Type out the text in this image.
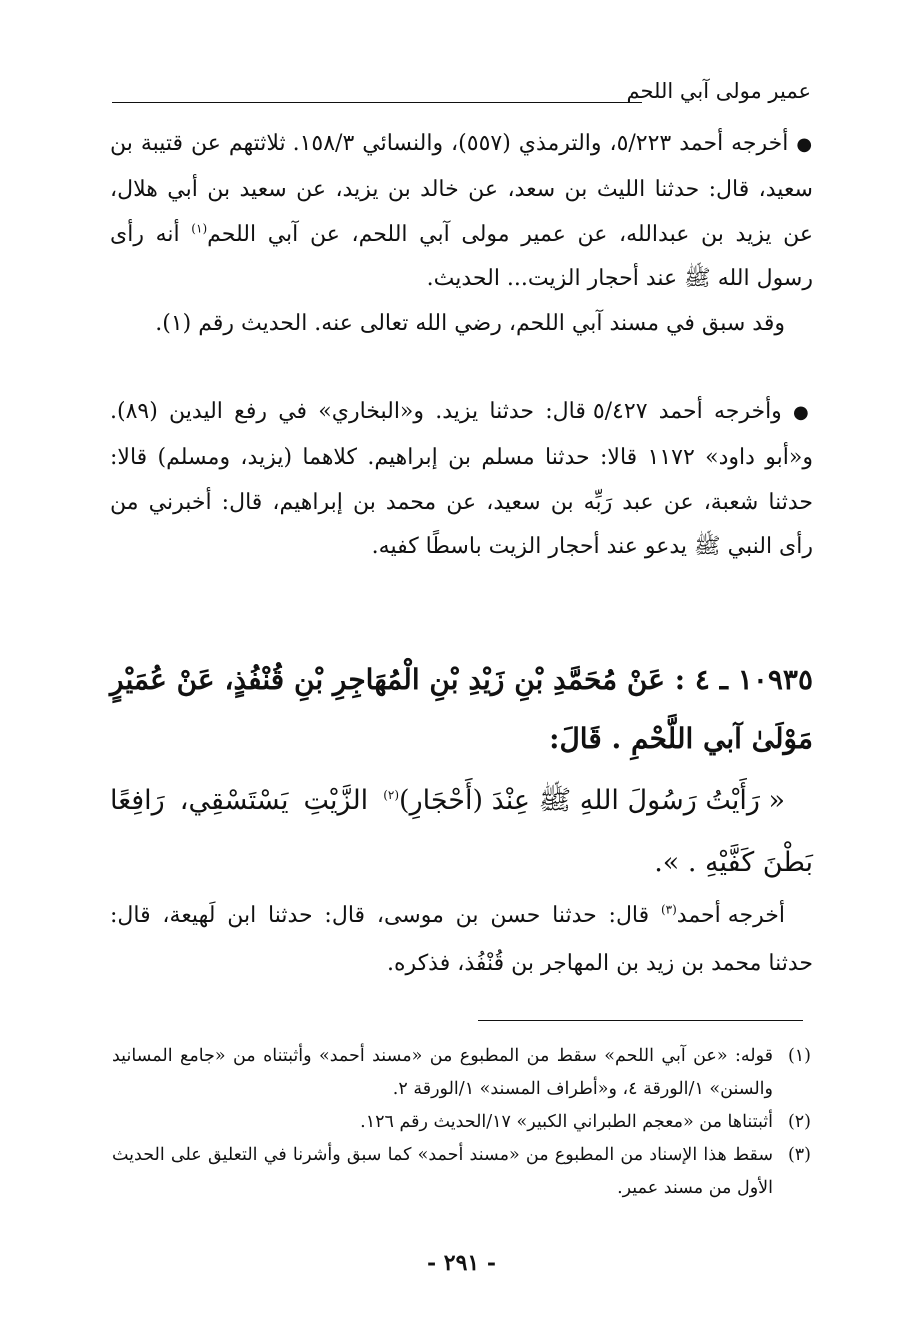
عمير مولى آبي اللحم
● أخرجه أحمد ٥/٢٢٣، والترمذي (٥٥٧)، والنسائي ١٥٨/٣. ثلاثتهم عن قتيبة بن سعيد، قال: حدثنا الليث بن سعد، عن خالد بن يزيد، عن سعيد بن أبي هلال، عن يزيد بن عبدالله، عن عمير مولى آبي اللحم، عن آبي اللحم$^{(١)}$ أنه رأى رسول الله ﷺ عند أحجار الزيت... الحديث.
وقد سبق في مسند آبي اللحم، رضي الله تعالى عنه. الحديث رقم (١).
● وأخرجه أحمد ٥/٤٢٧ قال: حدثنا يزيد. و«البخاري» في رفع اليدين (٨٩). و«أبو داود» ١١٧٢ قالا: حدثنا مسلم بن إبراهيم. كلاهما (يزيد، ومسلم) قالا: حدثنا شعبة، عن عبد رَبِّه بن سعيد، عن محمد بن إبراهيم، قال: أخبرني من رأى النبي ﷺ يدعو عند أحجار الزيت باسطًا كفيه.
١٠٩٣٥ ـ ٤ : عَنْ مُحَمَّدِ بْنِ زَيْدِ بْنِ الْمُهَاجِرِ بْنِ قُنْفُذٍ، عَنْ عُمَيْرٍ مَوْلَىٰ آبي اللَّحْمِ . قَالَ:
« رَأَيْتُ رَسُولَ اللهِ ﷺ عِنْدَ (أَحْجَارِ)$^{(٢)}$ الزَّيْتِ يَسْتَسْقِي، رَافِعًا بَطْنَ كَفَّيْهِ . ».
أخرجه أحمد$^{(٣)}$ قال: حدثنا حسن بن موسى، قال: حدثنا ابن لَهيعة، قال: حدثنا محمد بن زيد بن المهاجر بن قُنْفُذ، فذكره.
(١)
قوله: «عن آبي اللحم» سقط من المطبوع من «مسند أحمد» وأثبتناه من «جامع المسانيد والسنن» ١/الورقة ٤، و«أطراف المسند» ١/الورقة ٢.
(٢)
أثبتناها من «معجم الطبراني الكبير» ١٧/الحديث رقم ١٢٦.
(٣)
سقط هذا الإسناد من المطبوع من «مسند أحمد» كما سبق وأشرنا في التعليق على الحديث الأول من مسند عمير.
- ٢٩١ -
